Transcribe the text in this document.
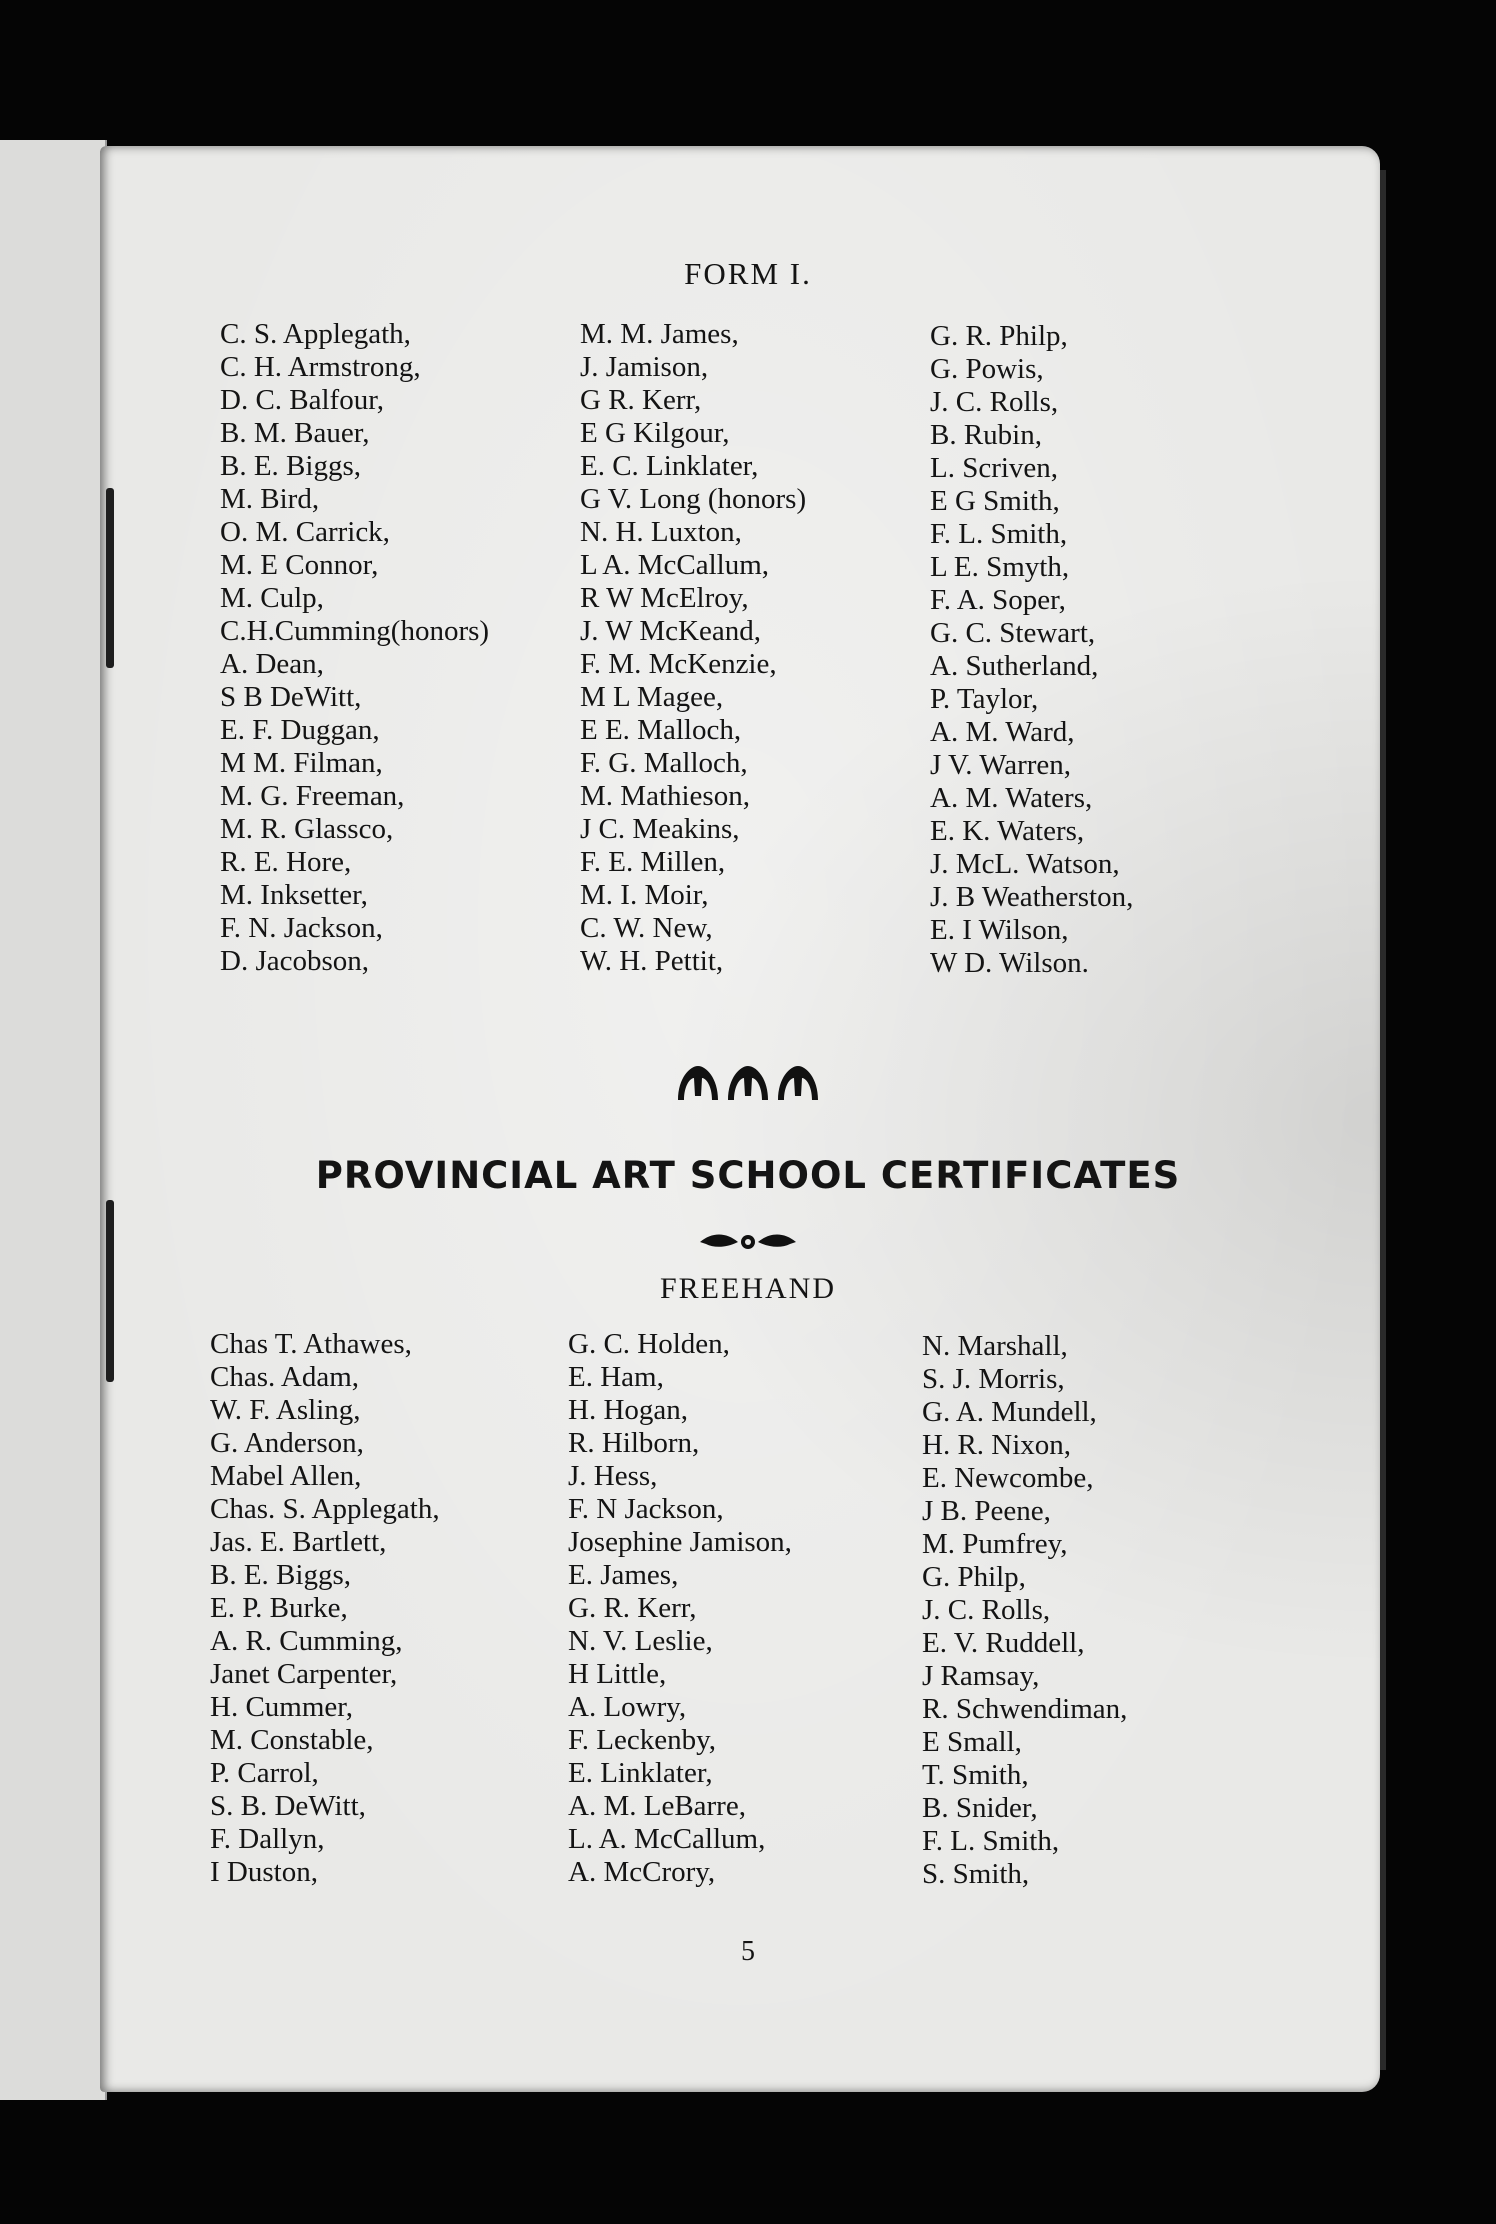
FORM I.
C. S. Applegath,
C. H. Armstrong,
D. C. Balfour,
B. M. Bauer,
B. E. Biggs,
M. Bird,
O. M. Carrick,
M. E Connor,
M. Culp,
C.H.Cumming(honors)
A. Dean,
S B DeWitt,
E. F. Duggan,
M M. Filman,
M. G. Freeman,
M. R. Glassco,
R. E. Hore,
M. Inksetter,
F. N. Jackson,
D. Jacobson,
M. M. James,
J. Jamison,
G R. Kerr,
E G Kilgour,
E. C. Linklater,
G V. Long (honors)
N. H. Luxton,
L A. McCallum,
R W McElroy,
J. W McKeand,
F. M. McKenzie,
M L Magee,
E E. Malloch,
F. G. Malloch,
M. Mathieson,
J C. Meakins,
F. E. Millen,
M. I. Moir,
C. W. New,
W. H. Pettit,
G. R. Philp,
G. Powis,
J. C. Rolls,
B. Rubin,
L. Scriven,
E G Smith,
F. L. Smith,
L E. Smyth,
F. A. Soper,
G. C. Stewart,
A. Sutherland,
P. Taylor,
A. M. Ward,
J V. Warren,
A. M. Waters,
E. K. Waters,
J. McL. Watson,
J. B Weatherston,
E. I Wilson,
W D. Wilson.
PROVINCIAL ART SCHOOL CERTIFICATES
FREEHAND
Chas T. Athawes,
Chas. Adam,
W. F. Asling,
G. Anderson,
Mabel Allen,
Chas. S. Applegath,
Jas. E. Bartlett,
B. E. Biggs,
E. P. Burke,
A. R. Cumming,
Janet Carpenter,
H. Cummer,
M. Constable,
P. Carrol,
S. B. DeWitt,
F. Dallyn,
I Duston,
G. C. Holden,
E. Ham,
H. Hogan,
R. Hilborn,
J. Hess,
F. N Jackson,
Josephine Jamison,
E. James,
G. R. Kerr,
N. V. Leslie,
H Little,
A. Lowry,
F. Leckenby,
E. Linklater,
A. M. LeBarre,
L. A. McCallum,
A. McCrory,
N. Marshall,
S. J. Morris,
G. A. Mundell,
H. R. Nixon,
E. Newcombe,
J B. Peene,
M. Pumfrey,
G. Philp,
J. C. Rolls,
E. V. Ruddell,
J Ramsay,
R. Schwendiman,
E Small,
T. Smith,
B. Snider,
F. L. Smith,
S. Smith,
5
